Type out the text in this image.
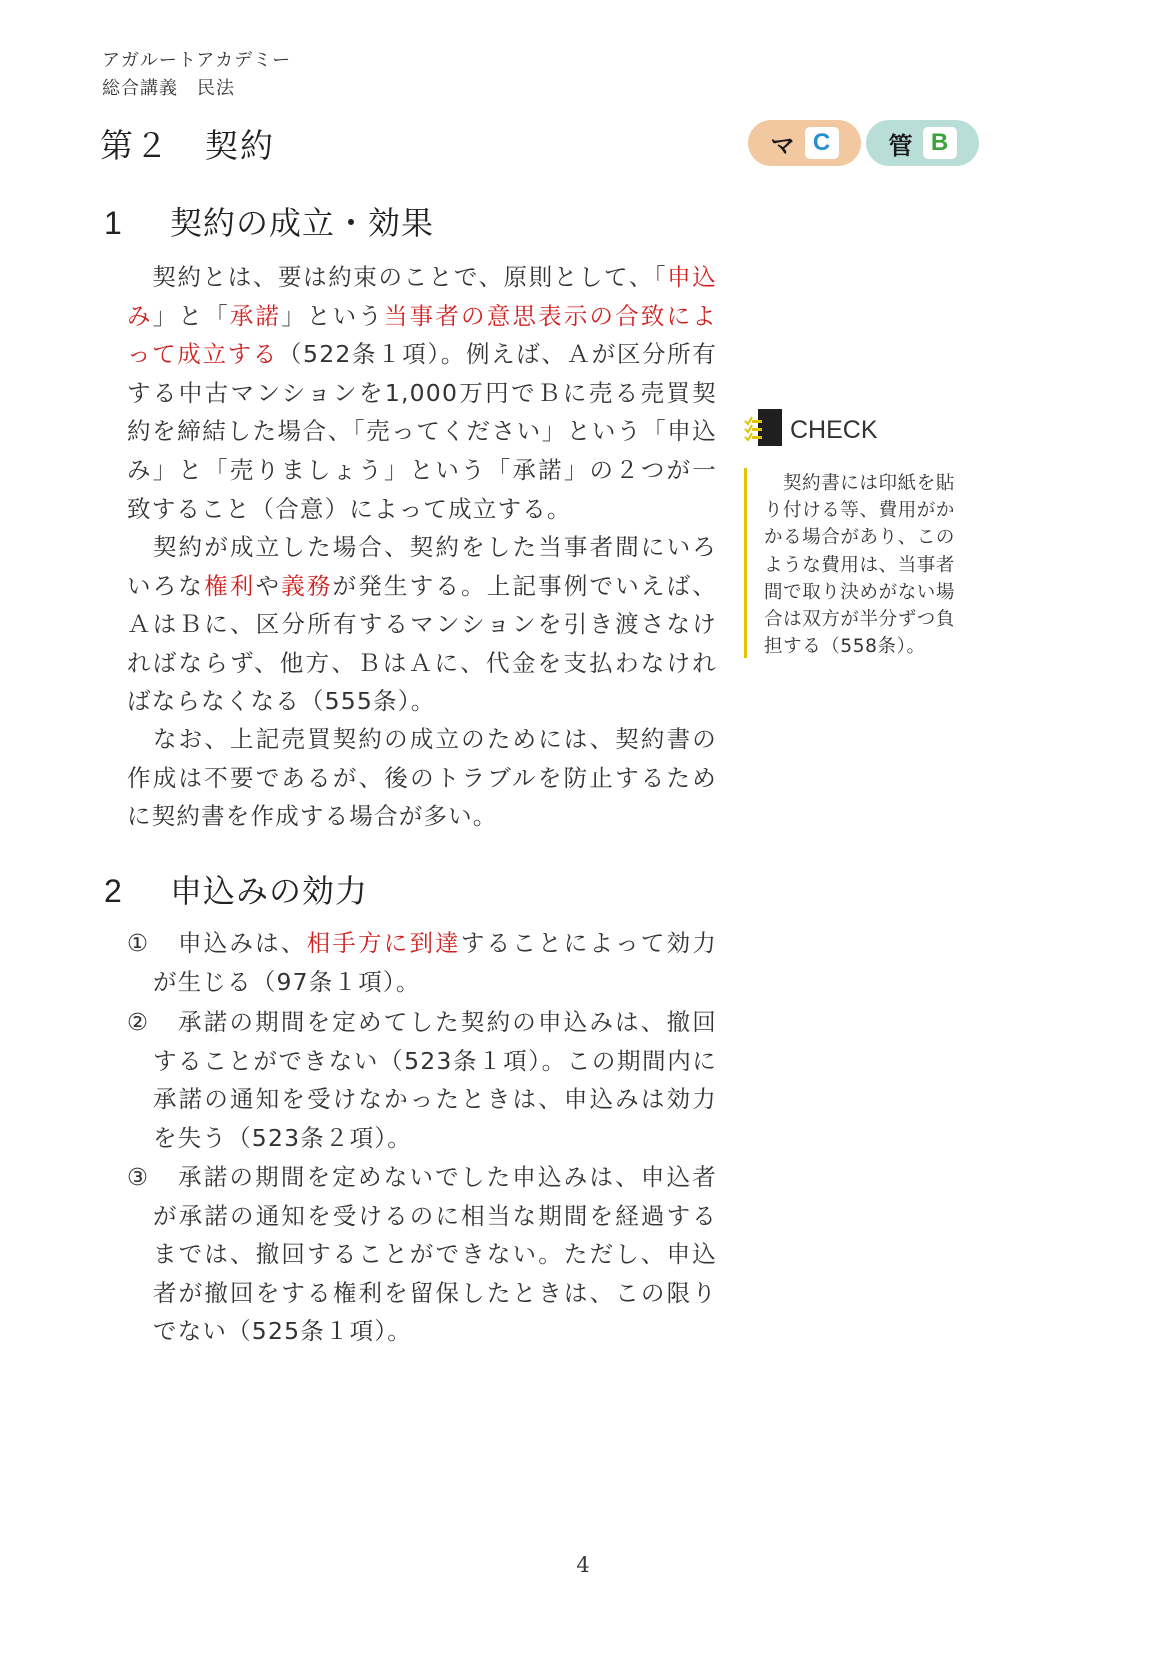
アガルートアカデミー
総合講義　民法
第２　契約	マ C	管 B
1 契約の成立・効果

契約とは、要は約束のことで、原則として、「申込み」と「承諾」という当事者の意思表示の合致によって成立する（522条１項）。例えば、Ａが区分所有する中古マンションを1,000万円でＢに売る売買契約を締結した場合、「売ってください」という「申込み」と「売りましょう」という「承諾」の２つが一致すること（合意）によって成立する。

契約が成立した場合、契約をした当事者間にいろいろな権利や義務が発生する。上記事例でいえば、ＡはＢに、区分所有するマンションを引き渡さなければならず、他方、ＢはＡに、代金を支払わなければならなくなる（555条）。

なお、上記売買契約の成立のためには、契約書の作成は不要であるが、後のトラブルを防止するために契約書を作成する場合が多い。

2 申込みの効力
① 申込みは、相手方に到達することによって効力が生じる（97条１項）。
② 承諾の期間を定めてした契約の申込みは、撤回することができない（523条１項）。この期間内に承諾の通知を受けなかったときは、申込みは効力を失う（523条２項）。
③ 承諾の期間を定めないでした申込みは、申込者が承諾の通知を受けるのに相当な期間を経過するまでは、撤回することができない。ただし、申込者が撤回をする権利を留保したときは、この限りでない（525条１項）。
CHECK

契約書には印紙を貼り付ける等、費用がかかる場合があり、このような費用は、当事者間で取り決めがない場合は双方が半分ずつ負担する（558条）。

4
